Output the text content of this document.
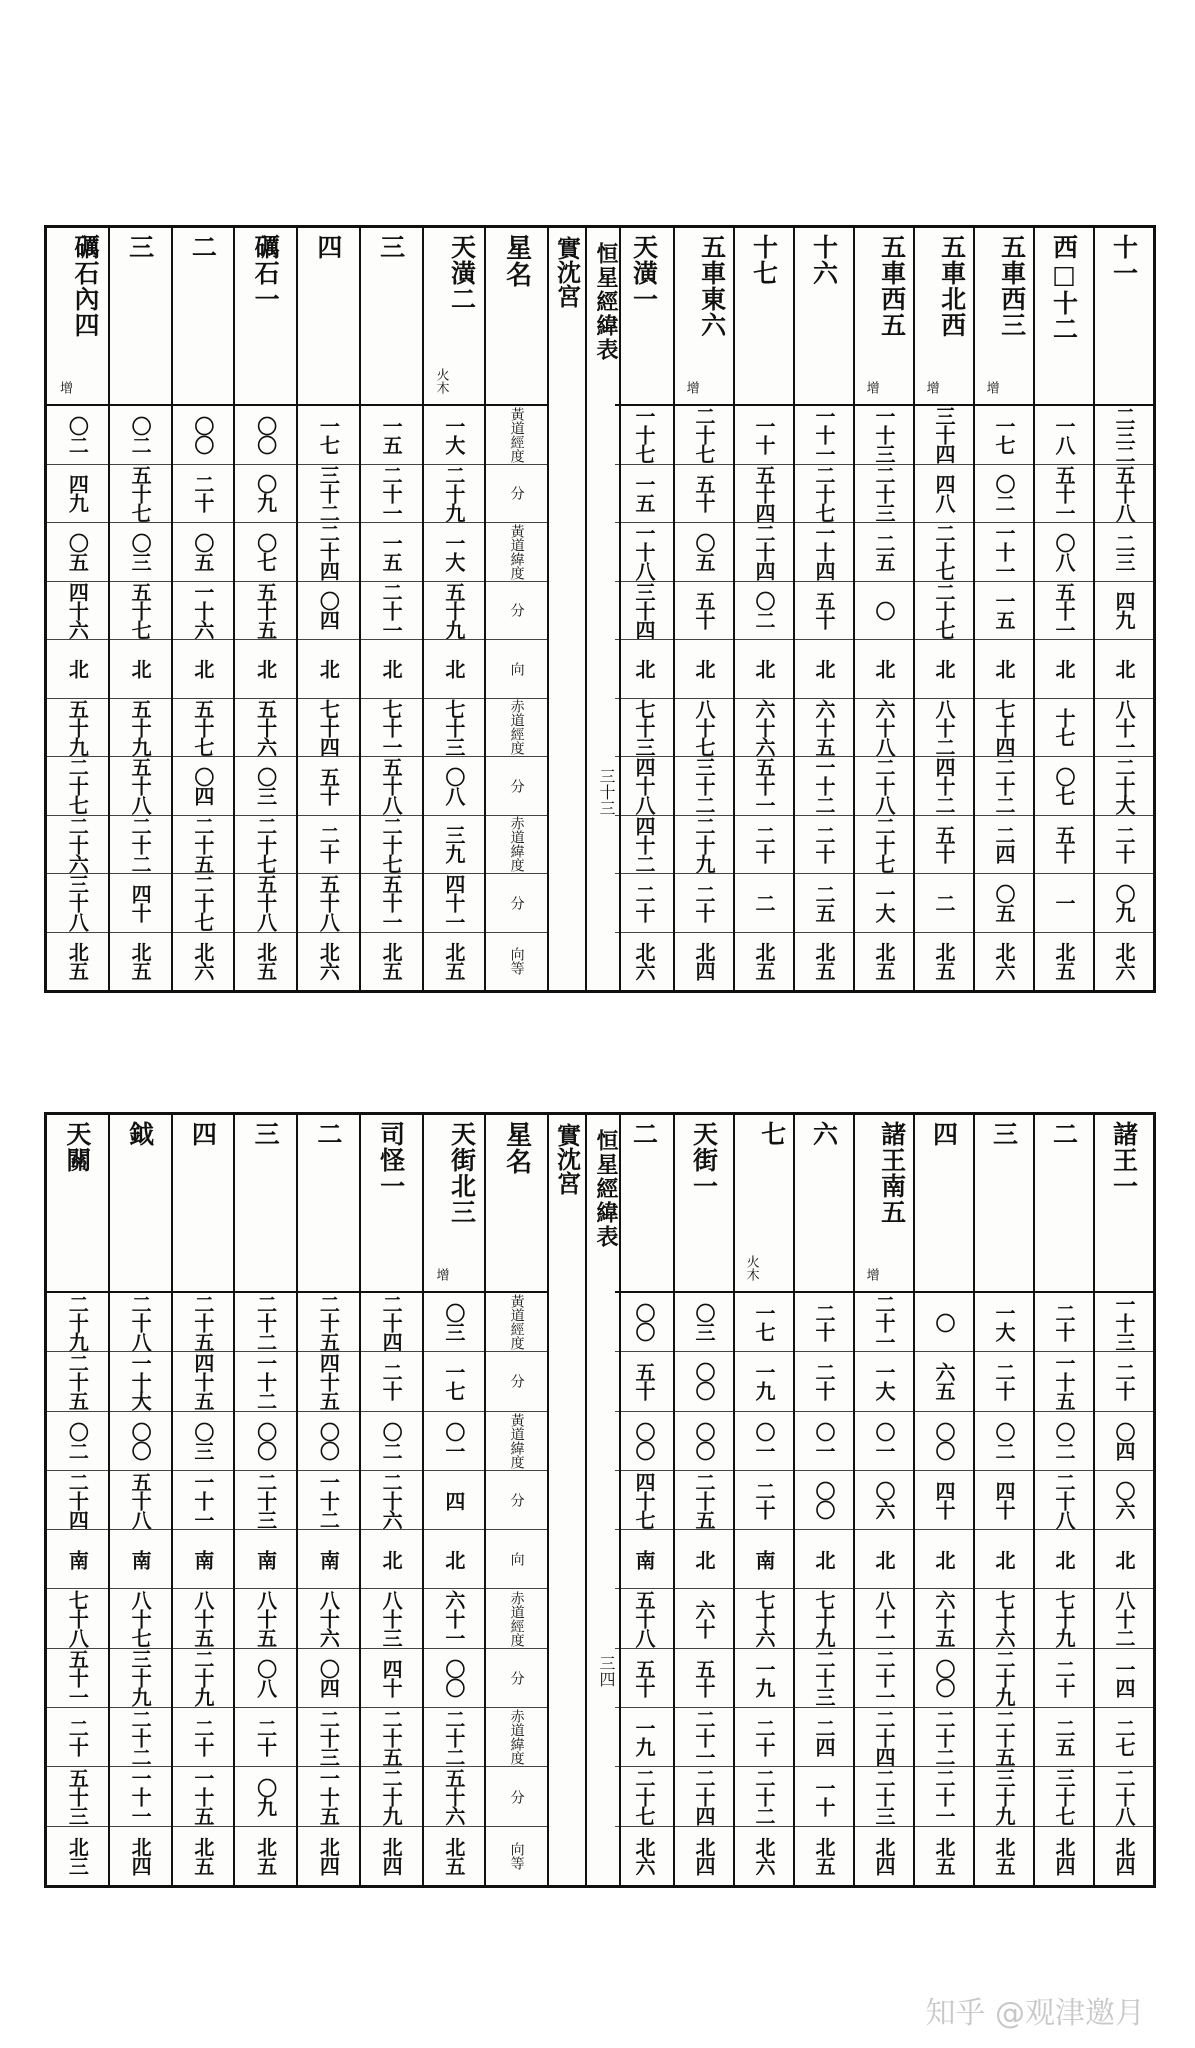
十一
二三二
五十八
二三
四九
北
八十一
二十大
二十
〇九
北六
西□十二
一八
五十一
〇八
五十一
北
十七
〇七
五十
一
北五
五車西三
增
一七
〇二
一十一
一五
北
七十四
二十二
二四
〇五
北六
五車北西
增
三十四
四八
二十七
二十七
北
八十二
四十二
五十
二
北五
五車西五
增
一十三
二十三
二五
〇
北
六十八
二十八
二十七
一大
北五
十六
一十一
二十七
一十四
五十
北
六十五
一十二
二十
二五
北五
十七
一十
五十四
二十四
〇二
北
六十六
五十一
二十
二
北五
五車東六
增
二十七
五十
〇五
五十
北
八十七
三十二
二十九
二十
北四
天潢一
一十七
一五
一十八
三十四
北
七十三
四十八
四十二
二十
北六
恒星經緯表
三十三
實沈宮
星名
黃道經度
分
黃道緯度
分
向
赤道經度
分
赤道緯度
分
向等
天潢二
火木
一大
二十九
一大
五十九
北
七十三
〇八
三九
四十一
北五
三
一五
二十一
一五
二十一
北
七十一
五十八
二十七
五十一
北五
四
一七
三十二
二十四
〇四
北
七十四
五十
二十
五十八
北六
礪石一
〇〇
〇九
〇七
五十五
北
五十六
〇三
二十七
五十八
北五
二
〇〇
二十
〇五
一十六
北
五十七
〇四
二十五
二十七
北六
三
〇二
五十七
〇三
五十七
北
五十九
五十八
二十二
四十
北五
礪石內四
增
〇二
四九
〇五
四十六
北
五十九
二十七
二十六
三十八
北五
諸王一
一十三
二十
〇四
〇六
北
八十二
一四
二七
二十八
北四
二
二十
一十五
〇二
二十八
北
七十九
二十
二五
三十七
北四
三
一大
二十
〇二
四十
北
七十六
二十九
二十五
三十九
北五
四
〇
六五
〇〇
四十
北
六十五
〇〇
二十二
二十一
北五
諸王南五
增
二十一
一大
〇一
〇六
北
八十一
二十一
二十四
二十三
北四
六
二十
二十
〇一
〇〇
北
七十九
二十三
二四
一十
北五
七
火木
一七
一九
〇一
二十
南
七十六
一九
二十
二十二
北六
天街一
〇三
〇〇
〇〇
二十五
北
六十
五十
二十一
二十四
北四
二
〇〇
五十
〇〇
四十七
南
五十八
五十
一九
二十七
北六
恒星經緯表
三四
實沈宮
星名
黃道經度
分
黃道緯度
分
向
赤道經度
分
赤道緯度
分
向等
天街北三
增
〇三
一七
〇一
四
北
六十一
〇〇
二十二
五十六
北五
司怪一
二十四
二十
〇二
二十六
北
八十三
四十
二十五
二十九
北四
二
二十五
四十五
〇〇
一十二
南
八十六
〇四
二十三
一十五
北四
三
二十二
一十二
〇〇
二十三
南
八十五
〇八
二十
〇九
北五
四
二十五
四十五
〇三
一十一
南
八十五
二十九
二十
一十五
北五
鉞
二十八
一十大
〇〇
五十八
南
八十七
三十九
二十二
一十一
北四
天關
二十九
二十五
〇二
二十四
南
七十八
五十一
二十
五十三
北三
知乎 @观津邀月
